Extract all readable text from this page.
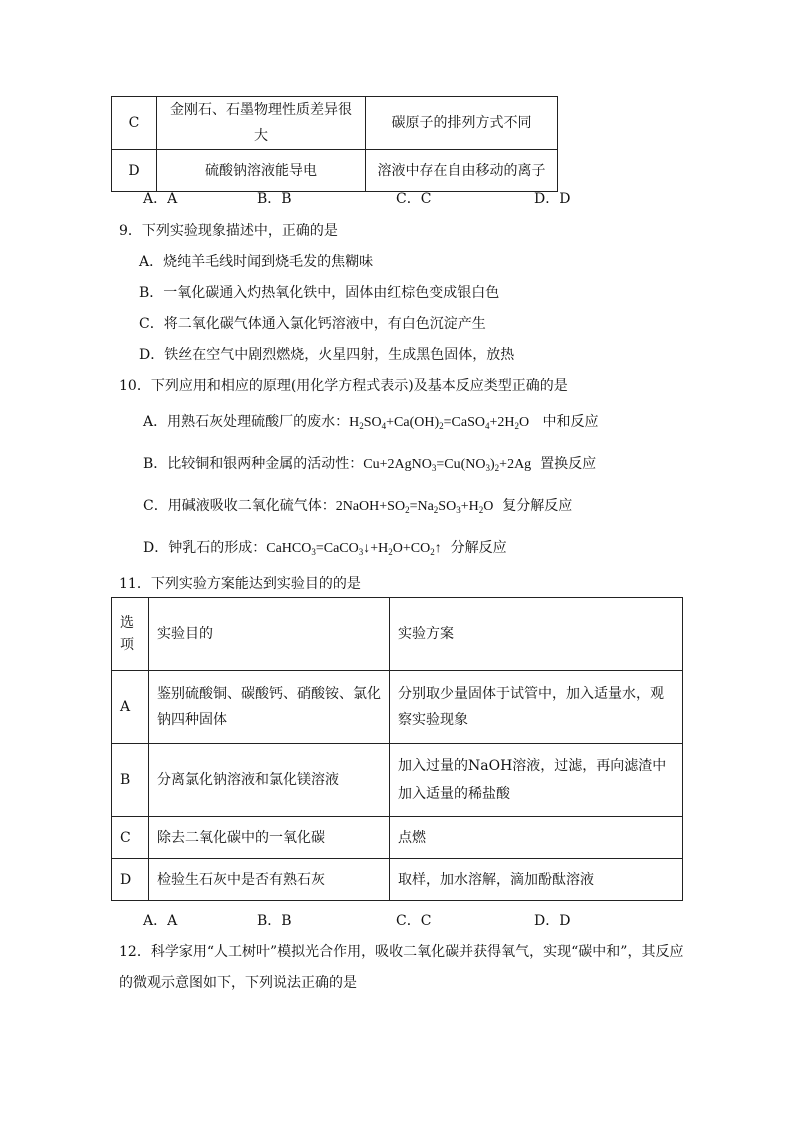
C	金刚石、石墨物理性质差异很大	碳原子的排列方式不同
D	硫酸钠溶液能导电	溶液中存在自由移动的离子
A．A	B．B	C．C	D．D
9．下列实验现象描述中，正确的是
A．烧纯羊毛线时闻到烧毛发的焦糊味
B．一氧化碳通入灼热氧化铁中，固体由红棕色变成银白色
C．将二氧化碳气体通入氯化钙溶液中，有白色沉淀产生
D．铁丝在空气中剧烈燃烧，火星四射，生成黑色固体，放热
10．下列应用和相应的原理(用化学方程式表示)及基本反应类型正确的是
A．用熟石灰处理硫酸厂的废水：$H_2SO_4+Ca(OH)_2=CaSO_4+2H_2O$ 中和反应
B．比较铜和银两种金属的活动性：$Cu+2AgNO_3=Cu(NO_3)_2+2Ag$ 置换反应
C．用碱液吸收二氧化硫气体：$2NaOH+SO_2=Na_2SO_3+H_2O$ 复分解反应
D．钟乳石的形成：$CaHCO_3=CaCO_3↓+H_2O+CO_2↑$ 分解反应
11．下列实验方案能达到实验目的的是
选项	实验目的	实验方案
A	鉴别硫酸铜、碳酸钙、硝酸铵、氯化钠四种固体	分别取少量固体于试管中，加入适量水，观察实验现象
B	分离氯化钠溶液和氯化镁溶液	加入过量的NaOH溶液，过滤，再向滤渣中加入适量的稀盐酸
C	除去二氧化碳中的一氧化碳	点燃
D	检验生石灰中是否有熟石灰	取样，加水溶解，滴加酚酞溶液
A．A	B．B	C．C	D．D
12．科学家用“人工树叶”模拟光合作用，吸收二氧化碳并获得氧气，实现“碳中和”，其反应
的微观示意图如下，下列说法正确的是
